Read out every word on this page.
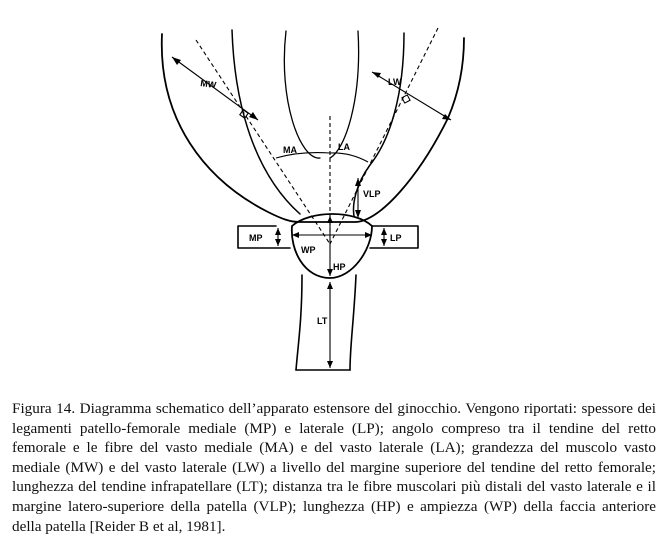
MW	LW
MA	LA
VLP
MP	LP
WP
HP
LT
Figura 14. Diagramma schematico dell’apparato estensore del ginocchio. Vengono riportati: spessore dei legamenti patello-femorale mediale (MP) e laterale (LP); angolo compreso tra il tendine del retto femorale e le fibre del vasto mediale (MA) e del vasto laterale (LA); grandezza del muscolo vasto mediale (MW) e del vasto laterale (LW) a livello del margine superiore del tendine del retto femorale; lunghezza del tendine infrapatellare (LT); distanza tra le fibre muscolari più distali del vasto laterale e il margine latero-superiore della patella (VLP); lunghezza (HP) e ampiezza (WP) della faccia anteriore della patella [Reider B et al, 1981].
